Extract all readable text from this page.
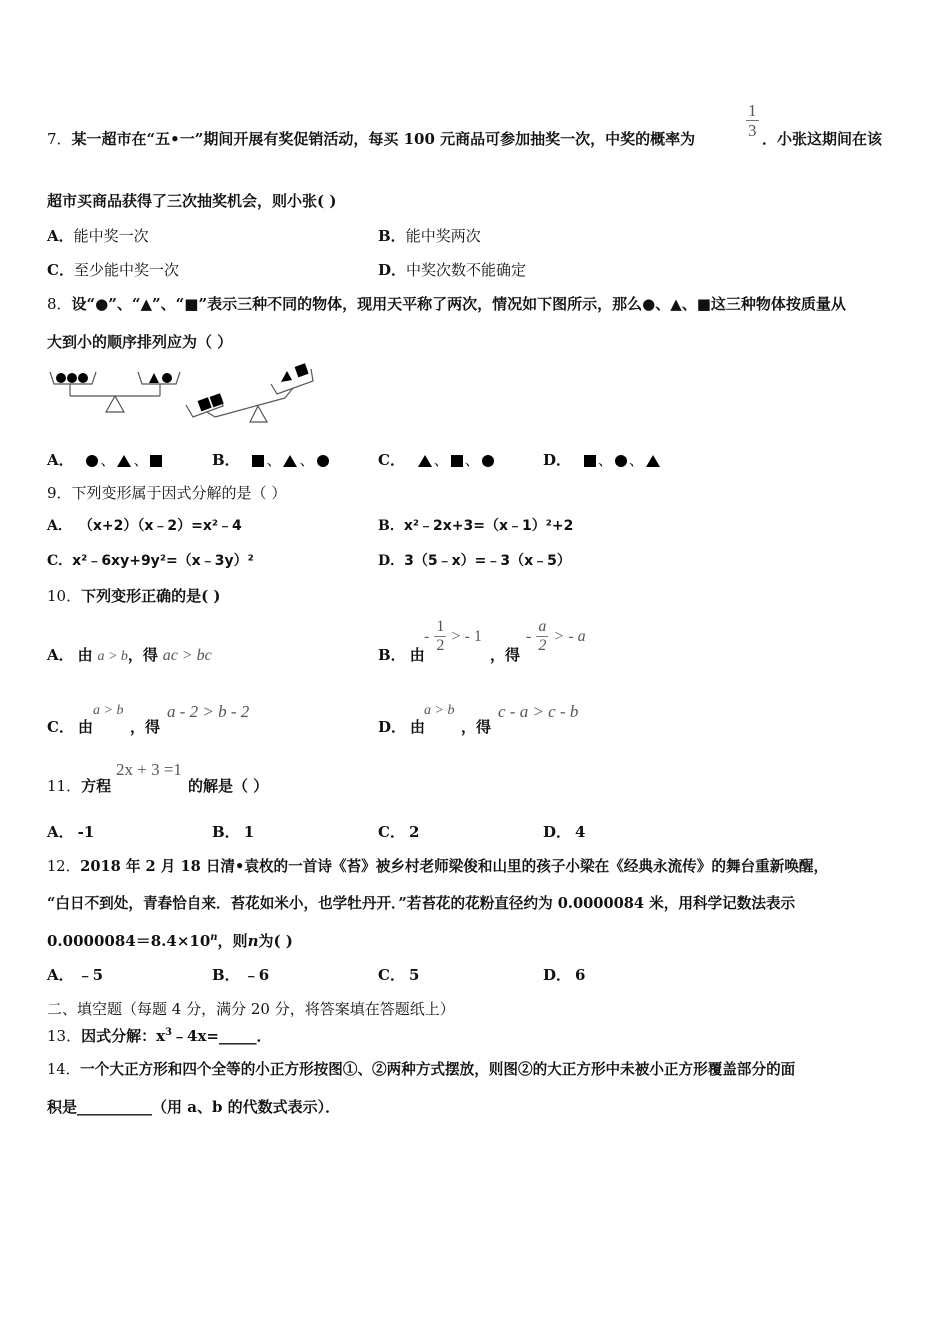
7．某一超市在“五•一”期间开展有奖促销活动，每买 100 元商品可参加抽奖一次，中奖的概率为	$\frac{1}{3}$ ．小张这期间在该
超市买商品获得了三次抽奖机会，则小张( )
A．能中奖一次	B．能中奖两次
C．至少能中奖一次	D．中奖次数不能确定
8．设“●”、“▲”、“■”表示三种不同的物体，现用天平称了两次，情况如下图所示，那么●、▲、■这三种物体按质量从
大到小的顺序排列应为（ ）
A． 、 、	B． 、 、	C． 、 、	D． 、 、
9．下列变形属于因式分解的是（ ）
A． （x+2）（x﹣2）=x²﹣4	B．x²﹣2x+3=（x﹣1）²+2
C．x²﹣6xy+9y²=（x﹣3y）²	D．3（5﹣x）=﹣3（x﹣5）
10．下列变形正确的是( )
A． 由 a > b，得 ac > bc	B． 由
- $\frac{1}{2}$ > - 1
，得
- $\frac{a}{2}$ > - a
C． 由
a > b
，得
a - 2 > b - 2
D． 由
a > b
，得
c - a > c - b
11．方程
2x + 3 =1
的解是（ ）
A． -1	B． 1	C． 2	D． 4
12．2018 年 2 月 18 日清•袁枚的一首诗《苔》被乡村老师梁俊和山里的孩子小梁在《经典永流传》的舞台重新唤醒，
“白日不到处，青春恰自来．苔花如米小，也学牡丹开．”若苔花的花粉直径约为 0.0000084 米，用科学记数法表示
$0.0000084=8.4\times 10^n$，则n为( )
A． ﹣5	B． ﹣6	C． 5	D． 6
二、填空题（每题 4 分，满分 20 分，将答案填在答题纸上）
13．因式分解：$x^3﹣4x=\_\_\_\_\_$．
14．一个大正方形和四个全等的小正方形按图①、②两种方式摆放，则图②的大正方形中未被小正方形覆盖部分的面
积是__________（用 a、b 的代数式表示）．
